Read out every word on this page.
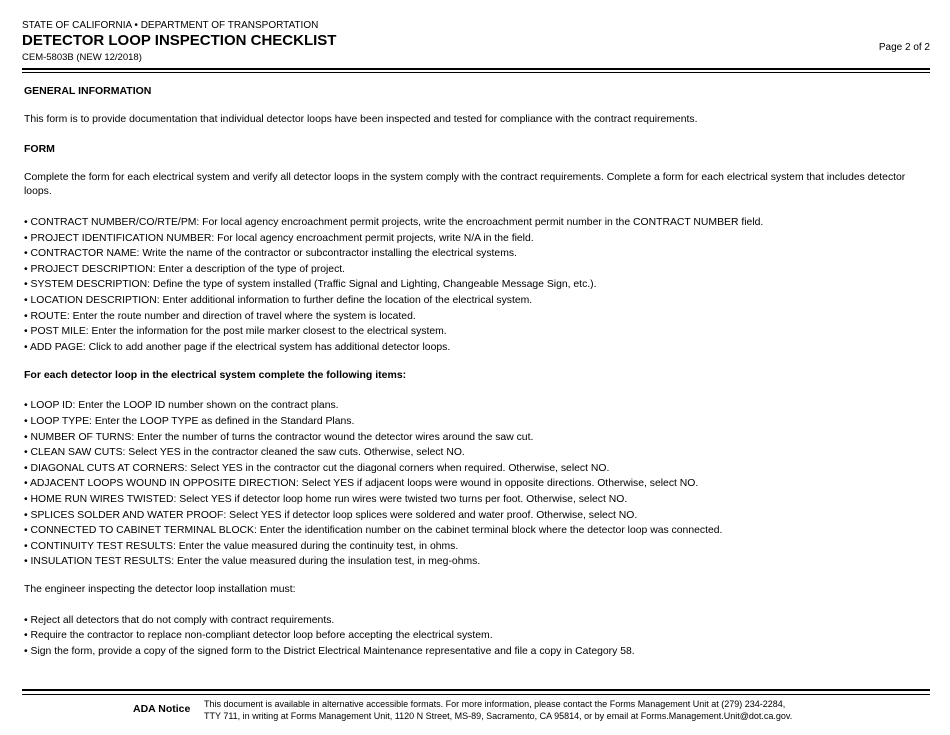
STATE OF CALIFORNIA • DEPARTMENT OF TRANSPORTATION
DETECTOR LOOP INSPECTION CHECKLIST
CEM-5803B (NEW 12/2018)
Page 2 of 2
GENERAL INFORMATION
This form is to provide documentation that individual detector loops have been inspected and tested for compliance with the contract requirements.
FORM
Complete the form for each electrical system and verify all detector loops in the system comply with the contract requirements. Complete a form for each electrical system that includes detector loops.
• CONTRACT NUMBER/CO/RTE/PM: For local agency encroachment permit projects, write the encroachment permit number in the CONTRACT NUMBER field.
• PROJECT IDENTIFICATION NUMBER: For local agency encroachment permit projects, write N/A in the field.
• CONTRACTOR NAME: Write the name of the contractor or subcontractor installing the electrical systems.
• PROJECT DESCRIPTION: Enter a description of the type of project.
• SYSTEM DESCRIPTION: Define the type of system installed (Traffic Signal and Lighting, Changeable Message Sign, etc.).
• LOCATION DESCRIPTION: Enter additional information to further define the location of the electrical system.
• ROUTE: Enter the route number and direction of travel where the system is located.
• POST MILE: Enter the information for the post mile marker closest to the electrical system.
• ADD PAGE: Click to add another page if the electrical system has additional detector loops.
For each detector loop in the electrical system complete the following items:
• LOOP ID: Enter the LOOP ID number shown on the contract plans.
• LOOP TYPE: Enter the LOOP TYPE as defined in the Standard Plans.
• NUMBER OF TURNS: Enter the number of turns the contractor wound the detector wires around the saw cut.
• CLEAN SAW CUTS: Select YES in the contractor cleaned the saw cuts. Otherwise, select NO.
• DIAGONAL CUTS AT CORNERS: Select YES in the contractor cut the diagonal corners when required. Otherwise, select NO.
• ADJACENT LOOPS WOUND IN OPPOSITE DIRECTION: Select YES if adjacent loops were wound in opposite directions. Otherwise, select NO.
• HOME RUN WIRES TWISTED: Select YES if detector loop home run wires were twisted two turns per foot. Otherwise, select NO.
• SPLICES SOLDER AND WATER PROOF: Select YES if detector loop splices were soldered and water proof. Otherwise, select NO.
• CONNECTED TO CABINET TERMINAL BLOCK: Enter the identification number on the cabinet terminal block where the detector loop was connected.
• CONTINUITY TEST RESULTS: Enter the value measured during the continuity test, in ohms.
• INSULATION TEST RESULTS: Enter the value measured during the insulation test, in meg-ohms.
The engineer inspecting the detector loop installation must:
• Reject all detectors that do not comply with contract requirements.
• Require the contractor to replace non-compliant detector loop before accepting the electrical system.
• Sign the form, provide a copy of the signed form to the District Electrical Maintenance representative and file a copy in Category 58.
ADA Notice This document is available in alternative accessible formats. For more information, please contact the Forms Management Unit at (279) 234-2284,
TTY 711, in writing at Forms Management Unit, 1120 N Street, MS-89, Sacramento, CA 95814, or by email at Forms.Management.Unit@dot.ca.gov.
